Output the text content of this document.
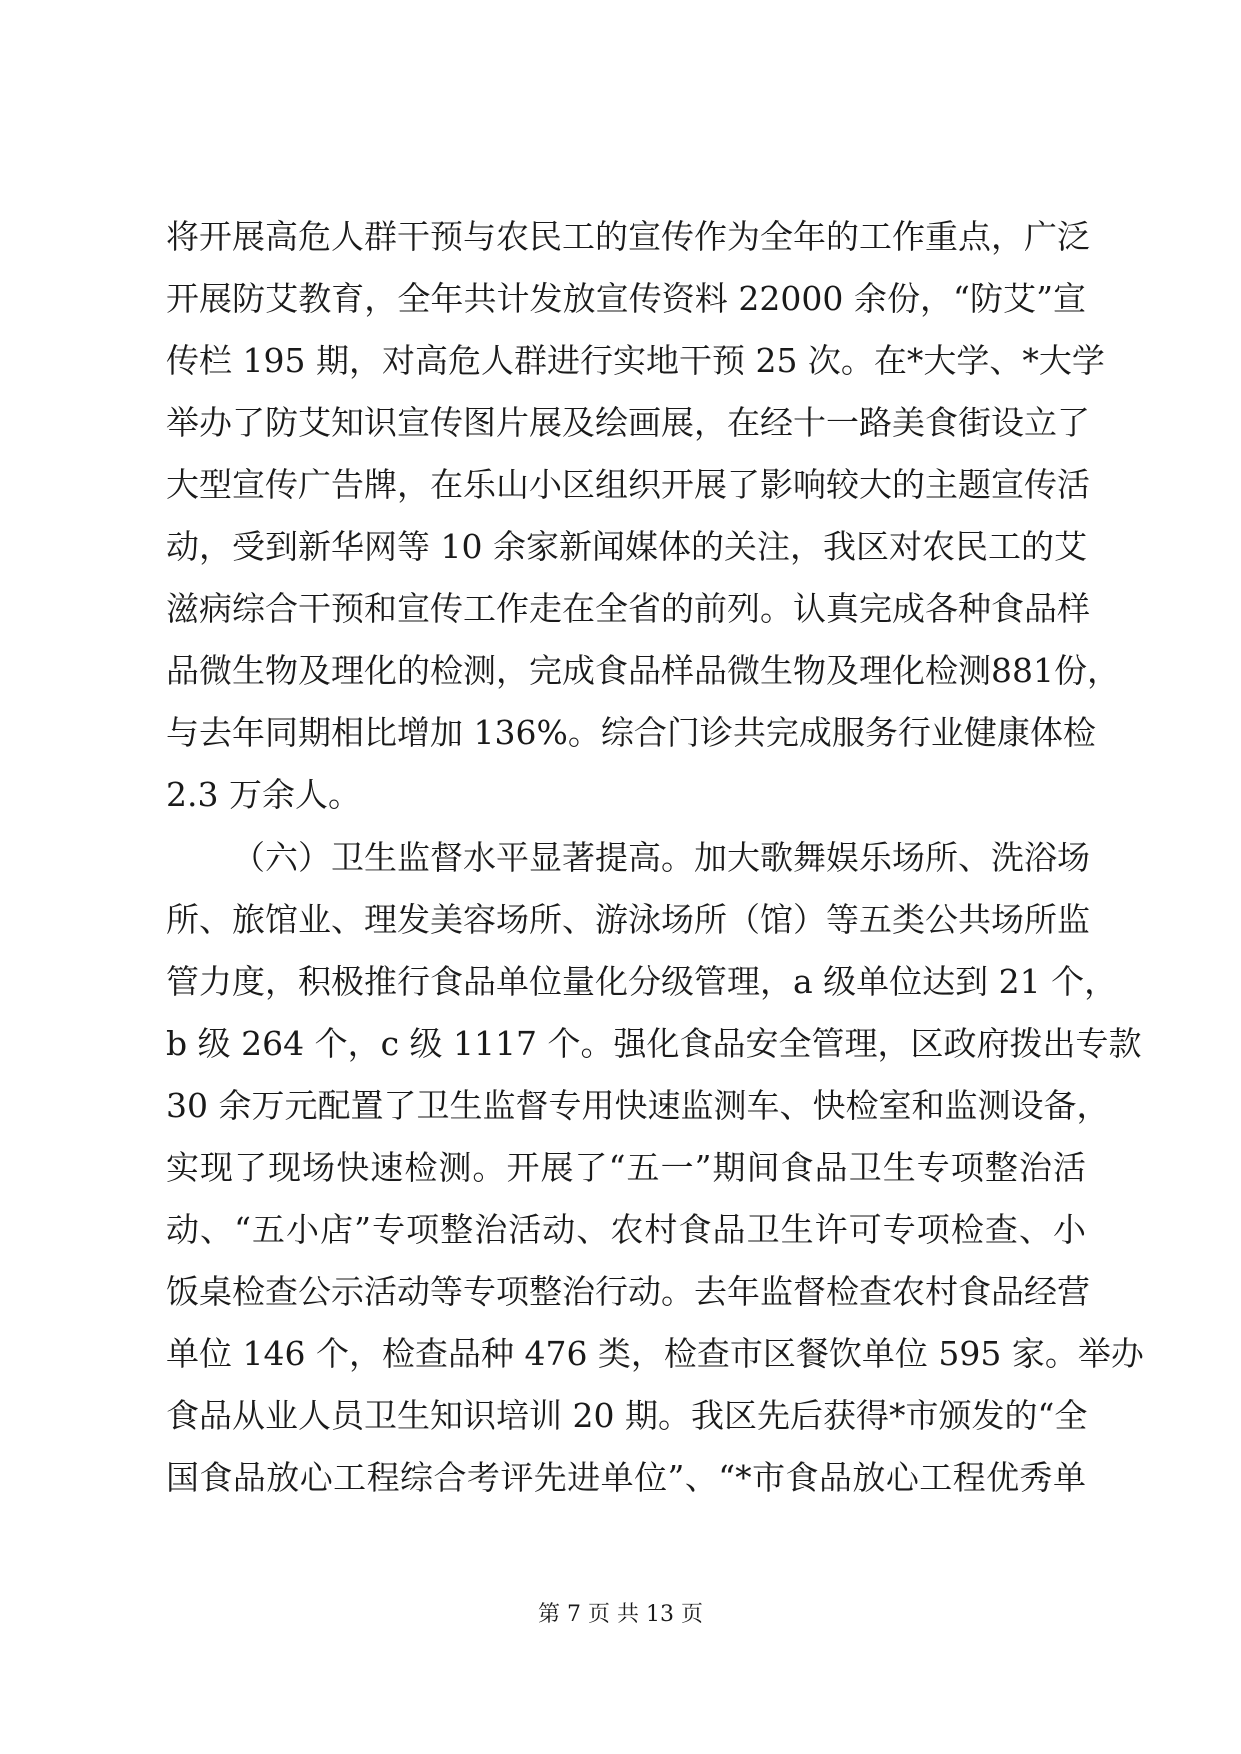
将开展高危人群干预与农民工的宣传作为全年的工作重点，广泛
开展防艾教育，全年共计发放宣传资料 22000 余份，“防艾”宣
传栏 195 期，对高危人群进行实地干预 25 次。在*大学、*大学
举办了防艾知识宣传图片展及绘画展，在经十一路美食街设立了
大型宣传广告牌，在乐山小区组织开展了影响较大的主题宣传活
动，受到新华网等 10 余家新闻媒体的关注，我区对农民工的艾
滋病综合干预和宣传工作走在全省的前列。认真完成各种食品样
品微生物及理化的检测，完成食品样品微生物及理化检测881份，
与去年同期相比增加 136%。综合门诊共完成服务行业健康体检
2.3 万余人。
（六）卫生监督水平显著提高。加大歌舞娱乐场所、洗浴场
所、旅馆业、理发美容场所、游泳场所（馆）等五类公共场所监
管力度，积极推行食品单位量化分级管理，a 级单位达到 21 个，
b 级 264 个，c 级 1117 个。强化食品安全管理，区政府拨出专款
30 余万元配置了卫生监督专用快速监测车、快检室和监测设备，
实现了现场快速检测。开展了“五一”期间食品卫生专项整治活
动、“五小店”专项整治活动、农村食品卫生许可专项检查、小
饭桌检查公示活动等专项整治行动。去年监督检查农村食品经营
单位 146 个，检查品种 476 类，检查市区餐饮单位 595 家。举办
食品从业人员卫生知识培训 20 期。我区先后获得*市颁发的“全
国食品放心工程综合考评先进单位”、“*市食品放心工程优秀单
第 7 页 共 13 页
